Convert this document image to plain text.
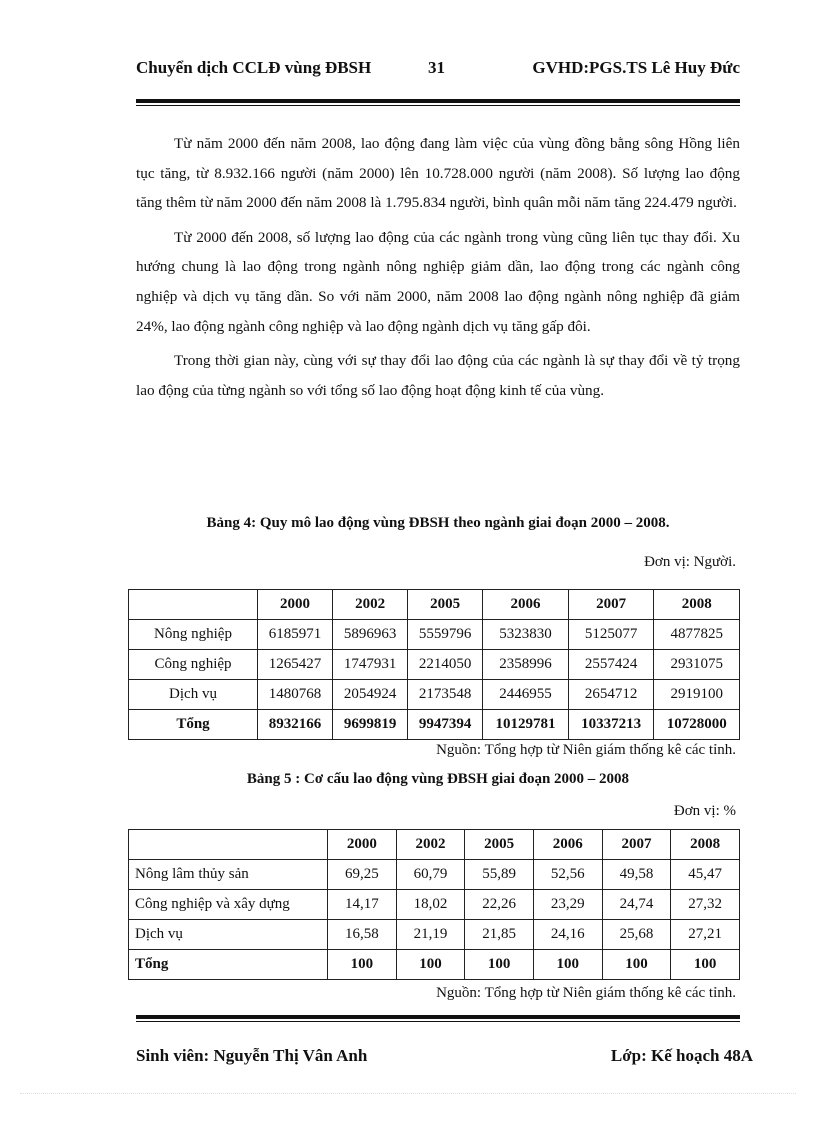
Chuyển dịch CCLĐ vùng ĐBSH	31	GVHD:PGS.TS Lê Huy Đức

Từ năm 2000 đến năm 2008, lao động đang làm việc của vùng đồng bằng sông Hồng liên tục tăng, từ 8.932.166 người (năm 2000) lên 10.728.000 người (năm 2008). Số lượng lao động tăng thêm từ năm 2000 đến năm 2008 là 1.795.834 người, bình quân mỗi năm tăng 224.479 người.

Từ 2000 đến 2008, số lượng lao động của các ngành trong vùng cũng liên tục thay đổi. Xu hướng chung là lao động trong ngành nông nghiệp giảm dần, lao động trong các ngành công nghiệp và dịch vụ tăng dần. So với năm 2000, năm 2008 lao động ngành nông nghiệp đã giảm 24%, lao động ngành công nghiệp và lao động ngành dịch vụ tăng gấp đôi.

Trong thời gian này, cùng với sự thay đổi lao động của các ngành là sự thay đổi về tỷ trọng lao động của từng ngành so với tổng số lao động hoạt động kinh tế của vùng.

Bảng 4: Quy mô lao động vùng ĐBSH theo ngành giai đoạn 2000 – 2008.
Đơn vị: Người.
	2000	2002	2005	2006	2007	2008
Nông nghiệp	6185971	5896963	5559796	5323830	5125077	4877825
Công nghiệp	1265427	1747931	2214050	2358996	2557424	2931075
Dịch vụ	1480768	2054924	2173548	2446955	2654712	2919100
Tổng	8932166	9699819	9947394	10129781	10337213	10728000
Nguồn: Tổng hợp từ Niên giám thống kê các tỉnh.
Bảng 5 : Cơ cấu lao động vùng ĐBSH giai đoạn 2000 – 2008
Đơn vị: %
	2000	2002	2005	2006	2007	2008
Nông lâm thủy sản	69,25	60,79	55,89	52,56	49,58	45,47
Công nghiệp và xây dựng	14,17	18,02	22,26	23,29	24,74	27,32
Dịch vụ	16,58	21,19	21,85	24,16	25,68	27,21
Tổng	100	100	100	100	100	100
Nguồn: Tổng hợp từ Niên giám thống kê các tỉnh.
Sinh viên: Nguyễn Thị Vân Anh	Lớp: Kế hoạch 48A
